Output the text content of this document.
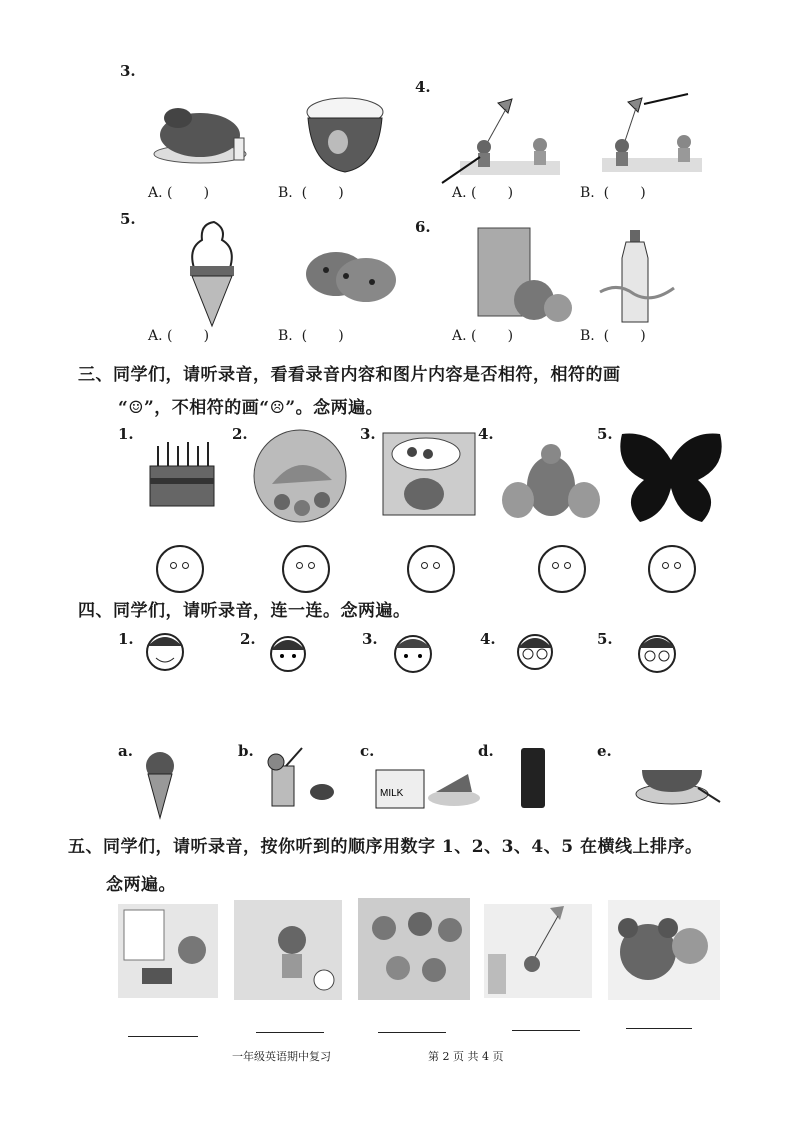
3.
A. (       )	B.  (       )
4.
A. (       )	B.  (       )
5.
A. (       )	B.  (       )
6.
A. (       )	B.  (       )
三、同学们，请听录音，看看录音内容和图片内容是否相符，相符的画
“☺”，不相符的画“☹”。念两遍。
1.	2.	3.	4.	5.
四、同学们，请听录音，连一连。念两遍。
1.	2.	3.	4.	5.
a.	b.	c.
MILK
d.	e.
五、同学们，请听录音，按你听到的顺序用数字 1、2、3、4、5 在横线上排序。
念两遍。
一年级英语期中复习	第 2 页 共 4 页
